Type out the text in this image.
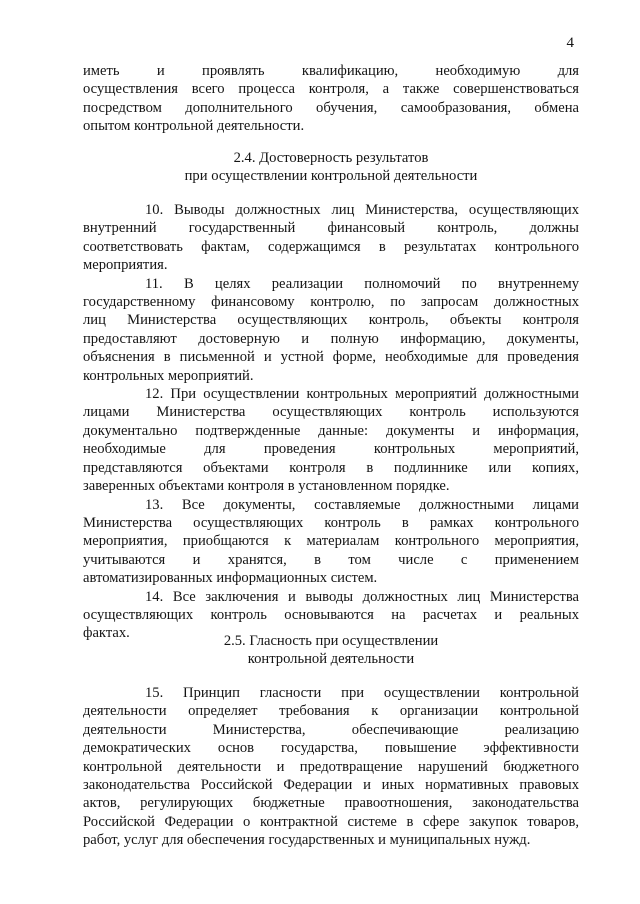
4

иметь и проявлять квалификацию, необходимую для

осуществления всего процесса контроля, а также совершенствоваться

посредством дополнительного обучения, самообразования, обмена

опытом контрольной деятельности.

2.4. Достоверность результатов
при осуществлении контрольной деятельности

10. Выводы должностных лиц Министерства, осуществляющих

внутренний государственный финансовый контроль, должны

соответствовать фактам, содержащимся в результатах контрольного

мероприятия.

11. В целях реализации полномочий по внутреннему

государственному финансовому контролю, по запросам должностных

лиц Министерства осуществляющих контроль, объекты контроля

предоставляют достоверную и полную информацию, документы,

объяснения в письменной и устной форме, необходимые для проведения

контрольных мероприятий.

12. При осуществлении контрольных мероприятий должностными

лицами Министерства осуществляющих контроль используются

документально подтвержденные данные: документы и информация,

необходимые для проведения контрольных мероприятий,

представляются объектами контроля в подлиннике или копиях,

заверенных объектами контроля в установленном порядке.

13. Все документы, составляемые должностными лицами

Министерства осуществляющих контроль в рамках контрольного

мероприятия, приобщаются к материалам контрольного мероприятия,

учитываются и хранятся, в том числе с применением

автоматизированных информационных систем.

14. Все заключения и выводы должностных лиц Министерства

осуществляющих контроль основываются на расчетах и реальных

фактах.	2.5. Гласность при осуществлении
контрольной деятельности

15. Принцип гласности при осуществлении контрольной

деятельности определяет требования к организации контрольной

деятельности Министерства, обеспечивающие реализацию

демократических основ государства, повышение эффективности

контрольной деятельности и предотвращение нарушений бюджетного

законодательства Российской Федерации и иных нормативных правовых

актов, регулирующих бюджетные правоотношения, законодательства

Российской Федерации о контрактной системе в сфере закупок товаров,

работ, услуг для обеспечения государственных и муниципальных нужд.
